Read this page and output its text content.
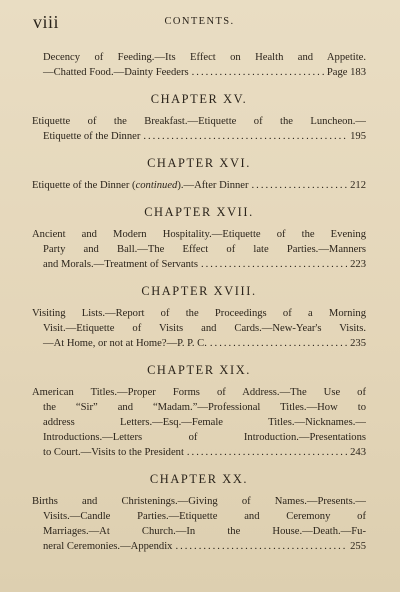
viii	CONTENTS.
Decency of Feeding.—Its Effect on Health and Appetite.
—Chatted Food.—Dainty Feeders .....	Page 183
CHAPTER XV.
Etiquette of the Breakfast.—Etiquette of the Luncheon.—
Etiquette of the Dinner .....	195
CHAPTER XVI.
Etiquette of the Dinner (continued).—After Dinner .....	212
CHAPTER XVII.
Ancient and Modern Hospitality.—Etiquette of the Evening
Party and Ball.—The Effect of late Parties.—Manners
and Morals.—Treatment of Servants .....	223
CHAPTER XVIII.
Visiting Lists.—Report of the Proceedings of a Morning
Visit.—Etiquette of Visits and Cards.—New-Year's Visits.
—At Home, or not at Home?—P. P. C. .....	235
CHAPTER XIX.
American Titles.—Proper Forms of Address.—The Use of
the “Sir” and “Madam.”—Professional Titles.—How to
address Letters.—Esq.—Female Titles.—Nicknames.—
Introductions.—Letters of Introduction.—Presentations
to Court.—Visits to the President .....	243
CHAPTER XX.
Births and Christenings.—Giving of Names.—Presents.—
Visits.—Candle Parties.—Etiquette and Ceremony of
Marriages.—At Church.—In the House.—Death.—Fu-
neral Ceremonies.—Appendix .....	255
